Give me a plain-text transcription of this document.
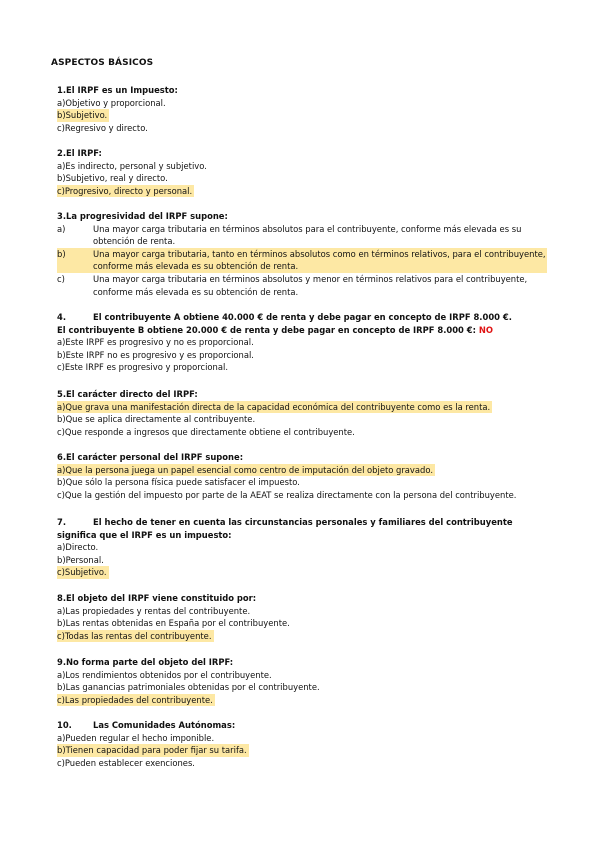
ASPECTOS BÁSICOS
1.El IRPF es un Impuesto:
a)Objetivo y proporcional.
b)Subjetivo.
c)Regresivo y directo.
2.El IRPF:
a)Es indirecto, personal y subjetivo.
b)Subjetivo, real y directo.
c)Progresivo, directo y personal.
3.La progresividad del IRPF supone:
a)	Una mayor carga tributaria en términos absolutos para el contribuyente, conforme más elevada es su obtención de renta.
b)	Una mayor carga tributaria, tanto en términos absolutos como en términos relativos, para el contribuyente, conforme más elevada es su obtención de renta.
c)	Una mayor carga tributaria en términos absolutos y menor en términos relativos para el contribuyente, conforme más elevada es su obtención de renta.
4.	El contribuyente A obtiene 40.000 € de renta y debe pagar en concepto de IRPF 8.000 €.
El contribuyente B obtiene 20.000 € de renta y debe pagar en concepto de IRPF 8.000 €: NO
a)Este IRPF es progresivo y no es proporcional.
b)Este IRPF no es progresivo y es proporcional.
c)Este IRPF es progresivo y proporcional.
5.El carácter directo del IRPF:
a)Que grava una manifestación directa de la capacidad económica del contribuyente como es la renta.
b)Que se aplica directamente al contribuyente.
c)Que responde a ingresos que directamente obtiene el contribuyente.
6.El carácter personal del IRPF supone:
a)Que la persona juega un papel esencial como centro de imputación del objeto gravado.
b)Que sólo la persona física puede satisfacer el impuesto.
c)Que la gestión del impuesto por parte de la AEAT se realiza directamente con la persona del contribuyente.
7.	El hecho de tener en cuenta las circunstancias personales y familiares del contribuyente
significa que el IRPF es un impuesto:
a)Directo.
b)Personal.
c)Subjetivo.
8.El objeto del IRPF viene constituido por:
a)Las propiedades y rentas del contribuyente.
b)Las rentas obtenidas en España por el contribuyente.
c)Todas las rentas del contribuyente.
9.No forma parte del objeto del IRPF:
a)Los rendimientos obtenidos por el contribuyente.
b)Las ganancias patrimoniales obtenidas por el contribuyente.
c)Las propiedades del contribuyente.
10.	Las Comunidades Autónomas:
a)Pueden regular el hecho imponible.
b)Tienen capacidad para poder fijar su tarifa.
c)Pueden establecer exenciones.
